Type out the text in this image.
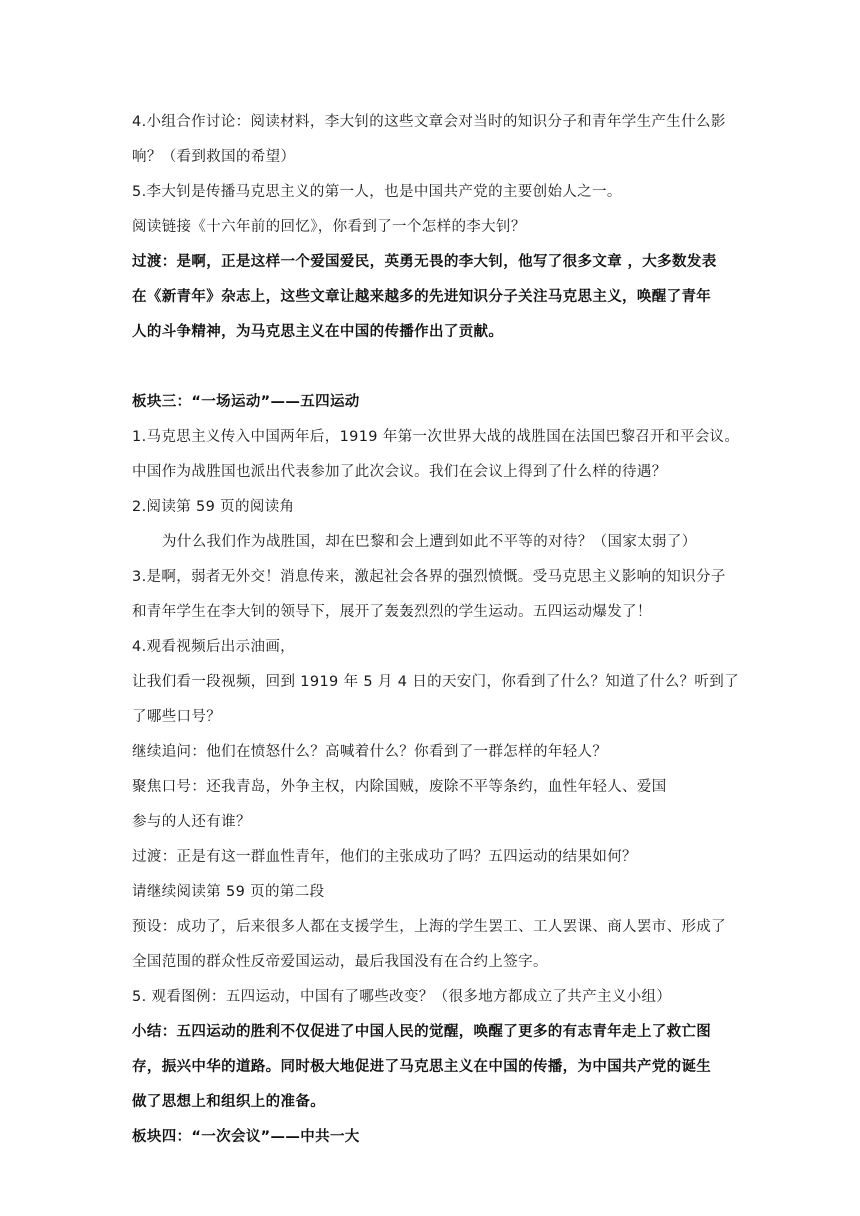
4.小组合作讨论：阅读材料，李大钊的这些文章会对当时的知识分子和青年学生产生什么影
响？（看到救国的希望）
5.李大钊是传播马克思主义的第一人，也是中国共产党的主要创始人之一。
阅读链接《十六年前的回忆》，你看到了一个怎样的李大钊？
过渡：是啊，正是这样一个爱国爱民，英勇无畏的李大钊，他写了很多文章 ，大多数发表
在《新青年》杂志上，这些文章让越来越多的先进知识分子关注马克思主义，唤醒了青年
人的斗争精神，为马克思主义在中国的传播作出了贡献。
板块三：“一场运动”——五四运动
1.马克思主义传入中国两年后，1919 年第一次世界大战的战胜国在法国巴黎召开和平会议。
中国作为战胜国也派出代表参加了此次会议。我们在会议上得到了什么样的待遇？
2.阅读第 59 页的阅读角
为什么我们作为战胜国，却在巴黎和会上遭到如此不平等的对待？（国家太弱了）
3.是啊，弱者无外交！消息传来，激起社会各界的强烈愤慨。受马克思主义影响的知识分子
和青年学生在李大钊的领导下，展开了轰轰烈烈的学生运动。五四运动爆发了！
4.观看视频后出示油画，
让我们看一段视频，回到 1919 年 5 月 4 日的天安门，你看到了什么？知道了什么？听到了
了哪些口号？
继续追问：他们在愤怒什么？高喊着什么？你看到了一群怎样的年轻人？
聚焦口号：还我青岛，外争主权，内除国贼，废除不平等条约，血性年轻人、爱国
参与的人还有谁？
过渡：正是有这一群血性青年，他们的主张成功了吗？五四运动的结果如何？
请继续阅读第 59 页的第二段
预设：成功了，后来很多人都在支援学生，上海的学生罢工、工人罢课、商人罢市、形成了
全国范围的群众性反帝爱国运动，最后我国没有在合约上签字。
5. 观看图例：五四运动，中国有了哪些改变？（很多地方都成立了共产主义小组）
小结：五四运动的胜利不仅促进了中国人民的觉醒，唤醒了更多的有志青年走上了救亡图
存，振兴中华的道路。同时极大地促进了马克思主义在中国的传播，为中国共产党的诞生
做了思想上和组织上的准备。
板块四：“一次会议”——中共一大
